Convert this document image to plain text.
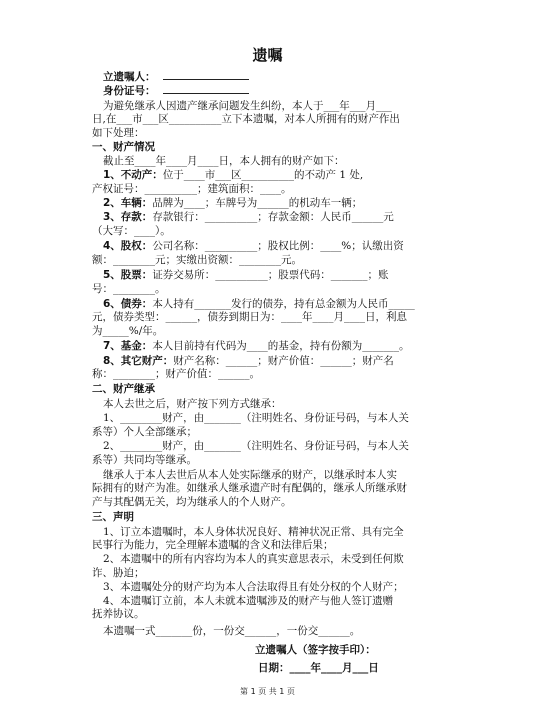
遗嘱
立遗嘱人：
身份证号：
为避免继承人因遗产继承问题发生纠纷，本人于___年___月___
日,在___市___区__________立下本遗嘱，对本人所拥有的财产作出
如下处理：
一、财产情况
截止至____年____月____日，本人拥有的财产如下：
1、不动产：位于____市___区__________的不动产 1 处,
产权证号：__________；建筑面积：____。
2、车辆：品牌为____；车牌号为______的机动车一辆；
3、存款：存款银行：__________；存款金额：人民币______元
（大写：____）。
4、股权：公司名称：__________；股权比例：____%；认缴出资
额：________元；实缴出资额：________元。
5、股票：证券交易所：__________；股票代码：_______；账
号：________。
6、债券：本人持有_______发行的债券，持有总金额为人民币_____
元，债券类型：______，债券到期日为：____年____月____日，利息
为_____%/年。
7、基金：本人目前持有代码为____的基金，持有份额为_______。
8、其它财产：财产名称：______；财产价值：______；财产名
称：________；财产价值：______。
二、财产继承
本人去世之后，财产按下列方式继承：
1、________财产，由_______（注明姓名、身份证号码，与本人关
系等）个人全部继承；
2、________财产，由_______（注明姓名、身份证号码，与本人关
系等）共同均等继承。
继承人于本人去世后从本人处实际继承的财产，以继承时本人实
际拥有的财产为准。如继承人继承遗产时有配偶的，继承人所继承财
产与其配偶无关，均为继承人的个人财产。
三、声明
1、订立本遗嘱时，本人身体状况良好、精神状况正常、具有完全
民事行为能力，完全理解本遗嘱的含义和法律后果；
2、本遗嘱中的所有内容均为本人的真实意思表示，未受到任何欺
诈、胁迫；
3、本遗嘱处分的财产均为本人合法取得且有处分权的个人财产；
4、本遗嘱订立前，本人未就本遗嘱涉及的财产与他人签订遗赠
抚养协议。
第 1 页 共 1 页
本遗嘱一式_______份，一份交______，一份交______。
立遗嘱人（签字按手印）：
日期：____年____月___日
